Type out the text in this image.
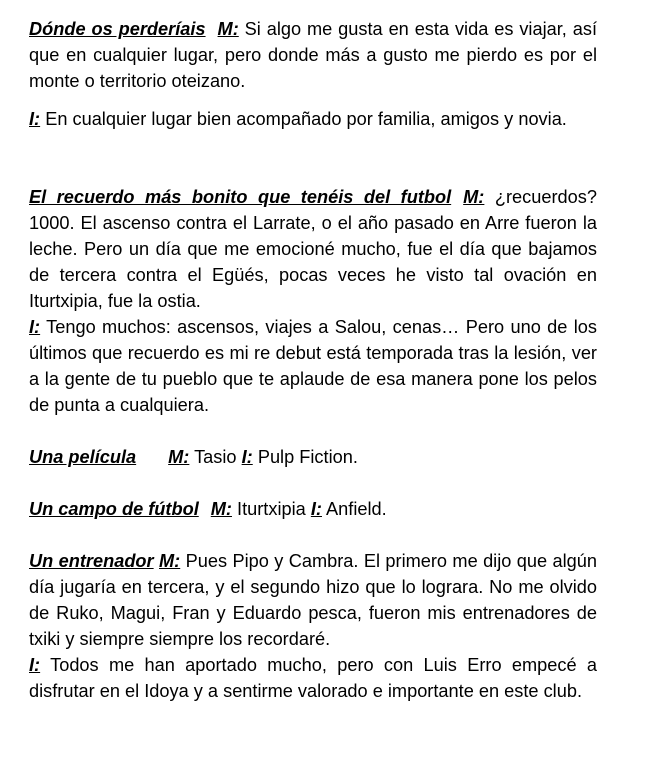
Dónde os perderíais M: Si algo me gusta en esta vida es viajar, así que en cualquier lugar, pero donde más a gusto me pierdo es por el monte o territorio oteizano.

I: En cualquier lugar bien acompañado por familia, amigos y novia.

El recuerdo más bonito que tenéis del futbol M: ¿recuerdos? 1000. El ascenso contra el Larrate, o el año pasado en Arre fueron la leche. Pero un día que me emocioné mucho, fue el día que bajamos de tercera contra el Egüés, pocas veces he visto tal ovación en Iturtxipia, fue la ostia.

I: Tengo muchos: ascensos, viajes a Salou, cenas… Pero uno de los últimos que recuerdo es mi re debut está temporada tras la lesión, ver a la gente de tu pueblo que te aplaude de esa manera pone los pelos de punta a cualquiera.

Una película M: Tasio I: Pulp Fiction.

Un campo de fútbol M: Iturtxipia I: Anfield.

Un entrenador M: Pues Pipo y Cambra. El primero me dijo que algún día jugaría en tercera, y el segundo hizo que lo lograra. No me olvido de Ruko, Magui, Fran y Eduardo pesca, fueron mis entrenadores de txiki y siempre siempre los recordaré.

I: Todos me han aportado mucho, pero con Luis Erro empecé a disfrutar en el Idoya y a sentirme valorado e importante en este club.
